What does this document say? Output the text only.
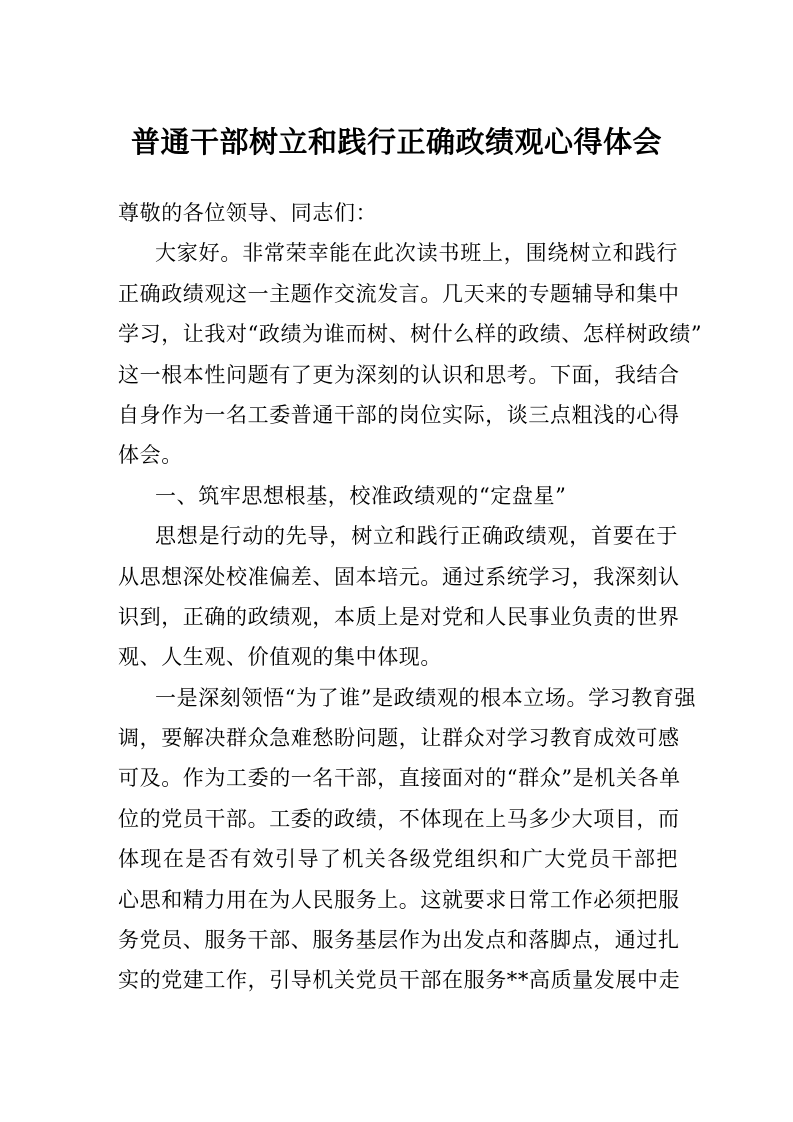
普通干部树立和践行正确政绩观心得体会
尊敬的各位领导、同志们：
大家好。非常荣幸能在此次读书班上，围绕树立和践行
正确政绩观这一主题作交流发言。几天来的专题辅导和集中
学习，让我对“政绩为谁而树、树什么样的政绩、怎样树政绩”
这一根本性问题有了更为深刻的认识和思考。下面，我结合
自身作为一名工委普通干部的岗位实际，谈三点粗浅的心得
体会。
一、筑牢思想根基，校准政绩观的“定盘星”
思想是行动的先导，树立和践行正确政绩观，首要在于
从思想深处校准偏差、固本培元。通过系统学习，我深刻认
识到，正确的政绩观，本质上是对党和人民事业负责的世界
观、人生观、价值观的集中体现。
一是深刻领悟“为了谁”是政绩观的根本立场。学习教育强
调，要解决群众急难愁盼问题，让群众对学习教育成效可感
可及。作为工委的一名干部，直接面对的“群众”是机关各单
位的党员干部。工委的政绩，不体现在上马多少大项目，而
体现在是否有效引导了机关各级党组织和广大党员干部把
心思和精力用在为人民服务上。这就要求日常工作必须把服
务党员、服务干部、服务基层作为出发点和落脚点，通过扎
实的党建工作，引导机关党员干部在服务**高质量发展中走
